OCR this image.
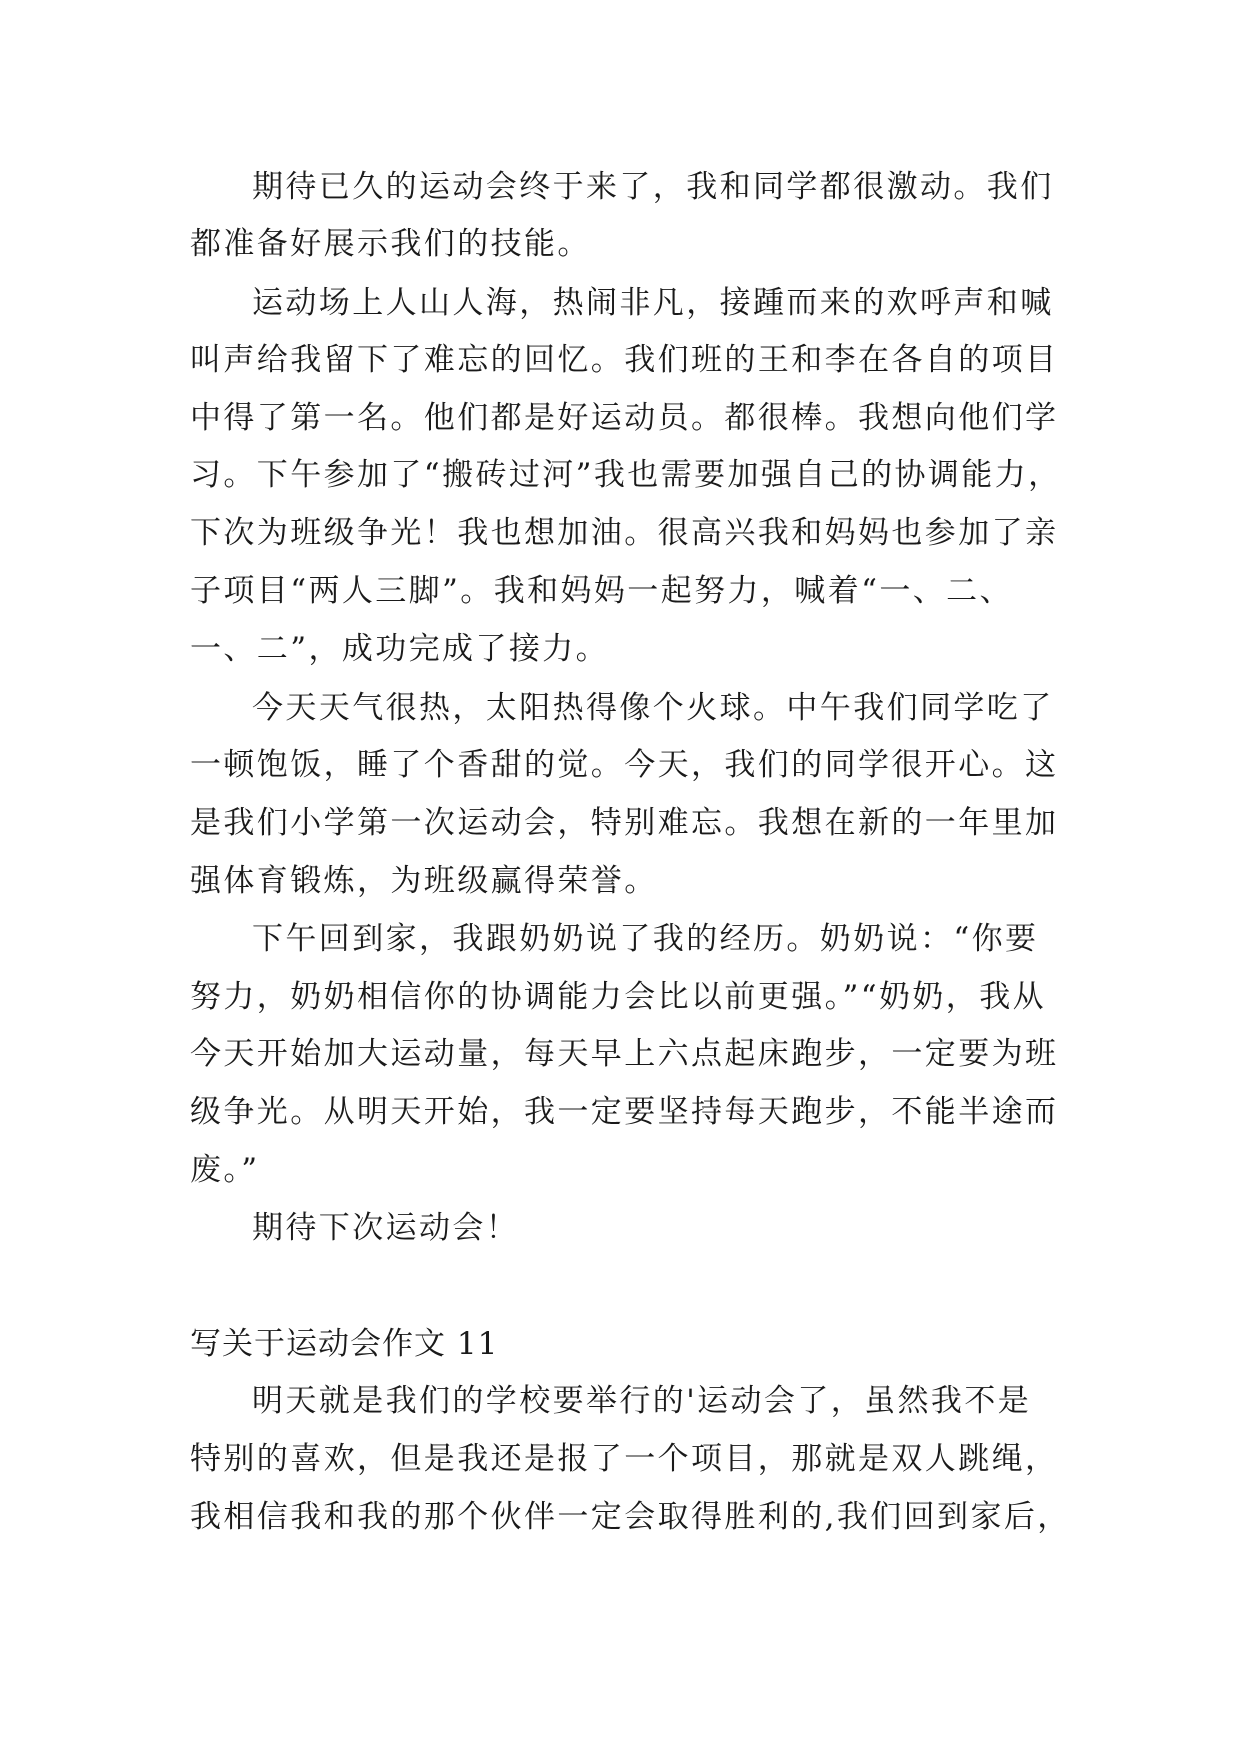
期待已久的运动会终于来了，我和同学都很激动。我们
都准备好展示我们的技能。
运动场上人山人海，热闹非凡，接踵而来的欢呼声和喊
叫声给我留下了难忘的回忆。我们班的王和李在各自的项目
中得了第一名。他们都是好运动员。都很棒。我想向他们学
习。下午参加了“搬砖过河”我也需要加强自己的协调能力，
下次为班级争光！我也想加油。很高兴我和妈妈也参加了亲
子项目“两人三脚”。我和妈妈一起努力，喊着“一、二、
一、二”，成功完成了接力。
今天天气很热，太阳热得像个火球。中午我们同学吃了
一顿饱饭，睡了个香甜的觉。今天，我们的同学很开心。这
是我们小学第一次运动会，特别难忘。我想在新的一年里加
强体育锻炼，为班级赢得荣誉。
下午回到家，我跟奶奶说了我的经历。奶奶说：“你要
努力，奶奶相信你的协调能力会比以前更强。”“奶奶，我从
今天开始加大运动量，每天早上六点起床跑步，一定要为班
级争光。从明天开始，我一定要坚持每天跑步，不能半途而
废。”
期待下次运动会！
写关于运动会作文 11
明天就是我们的学校要举行的'运动会了，虽然我不是
特别的喜欢，但是我还是报了一个项目，那就是双人跳绳，
我相信我和我的那个伙伴一定会取得胜利的,我们回到家后，
